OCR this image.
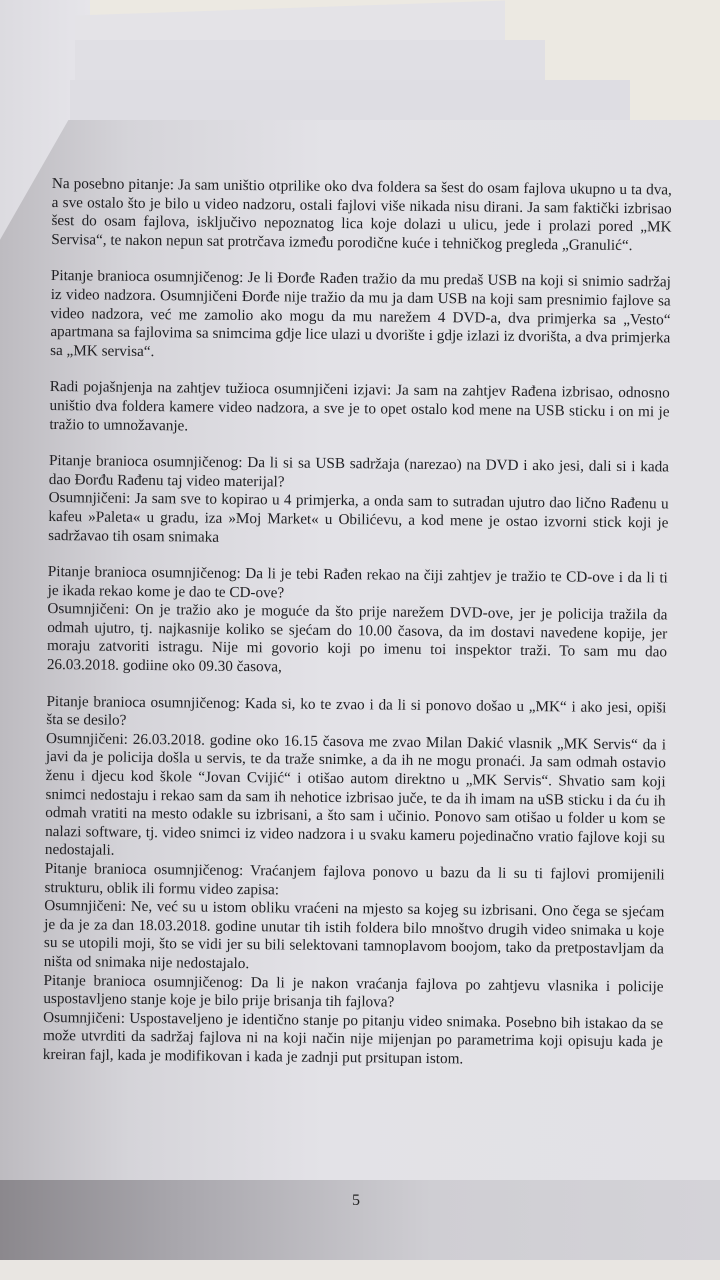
Na posebno pitanje: Ja sam uništio otprilike oko dva foldera sa šest do osam fajlova ukupno u ta dva, a sve ostalo što je bilo u video nadzoru, ostali fajlovi više nikada nisu dirani. Ja sam faktički izbrisao šest do osam fajlova, isključivo nepoznatog lica koje dolazi u ulicu, jede i prolazi pored „MK Servisa“, te nakon nepun sat protrčava između porodične kuće i tehničkog pregleda „Granulić“.

Pitanje branioca osumnjičenog: Je li Đorđe Rađen tražio da mu predaš USB na koji si snimio sadržaj iz video nadzora. Osumnjičeni Đorđe nije tražio da mu ja dam USB na koji sam presnimio fajlove sa video nadzora, već me zamolio ako mogu da mu narežem 4 DVD-a, dva primjerka sa „Vesto“ apartmana sa fajlovima sa snimcima gdje lice ulazi u dvorište i gdje izlazi iz dvorišta, a dva primjerka sa „MK servisa“.

Radi pojašnjenja na zahtjev tužioca osumnjičeni izjavi: Ja sam na zahtjev Rađena izbrisao, odnosno uništio dva foldera kamere video nadzora, a sve je to opet ostalo kod mene na USB sticku i on mi je tražio to umnožavanje.

Pitanje branioca osumnjičenog: Da li si sa USB sadržaja (narezao) na DVD i ako jesi, dali si i kada dao Đorđu Rađenu taj video materijal?
Osumnjičeni: Ja sam sve to kopirao u 4 primjerka, a onda sam to sutradan ujutro dao lično Rađenu u kafeu »Paleta« u gradu, iza »Moj Market« u Obilićevu, a kod mene je ostao izvorni stick koji je sadržavao tih osam snimaka
Pitanje branioca osumnjičenog: Da li je tebi Rađen rekao na čiji zahtjev je tražio te CD-ove i da li ti je ikada rekao kome je dao te CD-ove?
Osumnjičeni: On je tražio ako je moguće da što prije narežem DVD-ove, jer je policija tražila da odmah ujutro, tj. najkasnije koliko se sjećam do 10.00 časova, da im dostavi navedene kopije, jer moraju zatvoriti istragu. Nije mi govorio koji po imenu toi inspektor traži. To sam mu dao 26.03.2018. godiine oko 09.30 časova,
Pitanje branioca osumnjičenog: Kada si, ko te zvao i da li si ponovo došao u „MK“ i ako jesi, opiši šta se desilo?
Osumnjičeni: 26.03.2018. godine oko 16.15 časova me zvao Milan Dakić vlasnik „MK Servis“ da i javi da je policija došla u servis, te da traže snimke, a da ih ne mogu pronaći. Ja sam odmah ostavio ženu i djecu kod škole “Jovan Cvijić“ i otišao autom direktno u „MK Servis“. Shvatio sam koji snimci nedostaju i rekao sam da sam ih nehotice izbrisao juče, te da ih imam na uSB sticku i da ću ih odmah vratiti na mesto odakle su izbrisani, a što sam i učinio. Ponovo sam otišao u folder u kom se nalazi software, tj. video snimci iz video nadzora i u svaku kameru pojedinačno vratio fajlove koji su nedostajali.
Pitanje branioca osumnjičenog: Vraćanjem fajlova ponovo u bazu da li su ti fajlovi promijenili strukturu, oblik ili formu video zapisa:
Osumnjičeni: Ne, već su u istom obliku vraćeni na mjesto sa kojeg su izbrisani. Ono čega se sjećam je da je za dan 18.03.2018. godine unutar tih istih foldera bilo mnoštvo drugih video snimaka u koje su se utopili moji, što se vidi jer su bili selektovani tamnoplavom boojom, tako da pretpostavljam da ništa od snimaka nije nedostajalo.
Pitanje branioca osumnjičenog: Da li je nakon vraćanja fajlova po zahtjevu vlasnika i policije uspostavljeno stanje koje je bilo prije brisanja tih fajlova?
Osumnjičeni: Uspostaveljeno je identično stanje po pitanju video snimaka. Posebno bih istakao da se može utvrditi da sadržaj fajlova ni na koji način nije mijenjan po parametrima koji opisuju kada je kreiran fajl, kada je modifikovan i kada je zadnji put prsitupan istom.
5
